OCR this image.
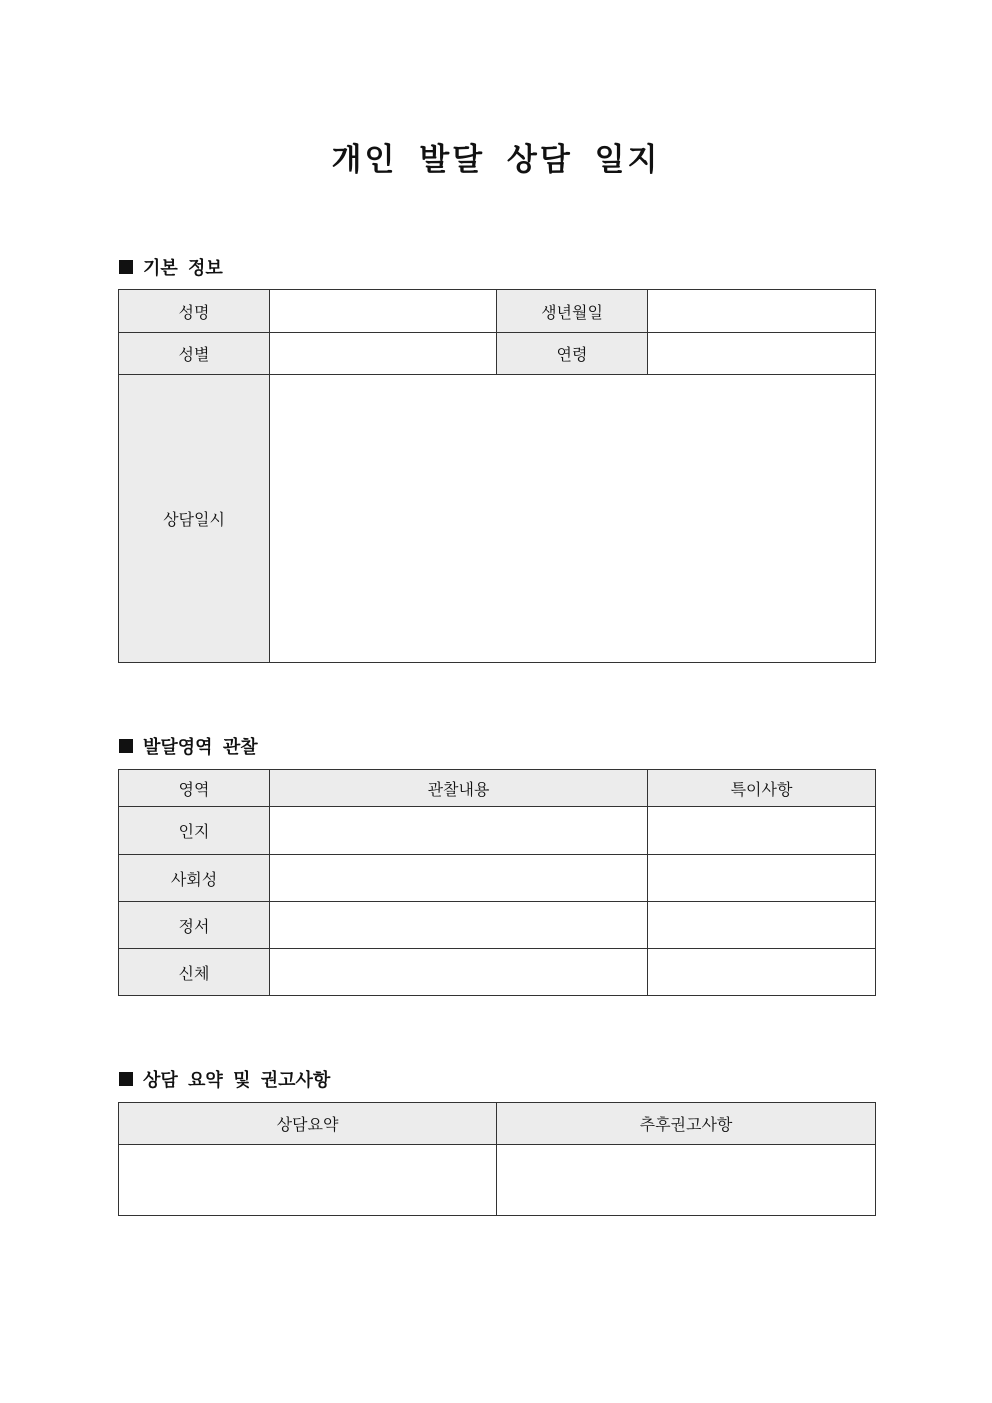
개인 발달 상담 일지
기본 정보
성명		생년월일	
성별		연령	
상담일시			
발달영역 관찰
영역	관찰내용	특이사항
인지		
사회성		
정서		
신체		
상담 요약 및 권고사항
상담요약	추후권고사항
